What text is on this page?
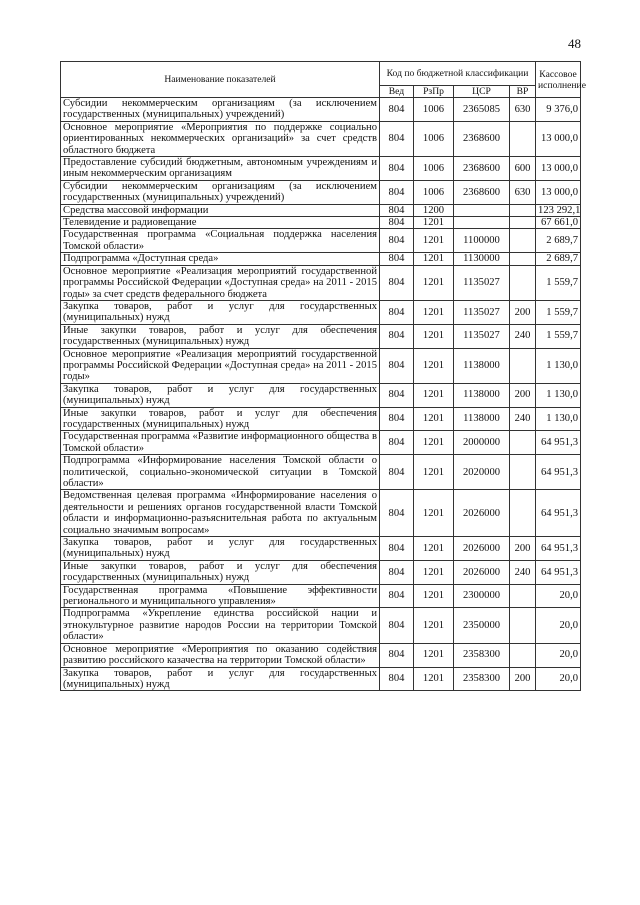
48
Наименование показателей	Код по бюджетной классификации				Кассовое исполнение
	Вед	РзПр	ЦСР	ВР	
Субсидии некоммерческим организациям (за исключением государственных (муниципальных) учреждений)	804	1006	2365085	630	9 376,0
Основное мероприятие «Мероприятия по поддержке социально ориентированных некоммерческих организаций» за счет средств областного бюджета	804	1006	2368600		13 000,0
Предоставление субсидий бюджетным, автономным учреждениям и иным некоммерческим организациям	804	1006	2368600	600	13 000,0
Субсидии некоммерческим организациям (за исключением государственных (муниципальных) учреждений)	804	1006	2368600	630	13 000,0
Средства массовой информации	804	1200			123 292,1
Телевидение и радиовещание	804	1201			67 661,0
Государственная программа «Социальная поддержка населения Томской области»	804	1201	1100000		2 689,7
Подпрограмма «Доступная среда»	804	1201	1130000		2 689,7
Основное мероприятие «Реализация мероприятий государственной программы Российской Федерации «Доступная среда» на 2011 - 2015 годы» за счет средств федерального бюджета	804	1201	1135027		1 559,7
Закупка товаров, работ и услуг для государственных (муниципальных) нужд	804	1201	1135027	200	1 559,7
Иные закупки товаров, работ и услуг для обеспечения государственных (муниципальных) нужд	804	1201	1135027	240	1 559,7
Основное мероприятие «Реализация мероприятий государственной программы Российской Федерации «Доступная среда» на 2011 - 2015 годы»	804	1201	1138000		1 130,0
Закупка товаров, работ и услуг для государственных (муниципальных) нужд	804	1201	1138000	200	1 130,0
Иные закупки товаров, работ и услуг для обеспечения государственных (муниципальных) нужд	804	1201	1138000	240	1 130,0
Государственная программа «Развитие информационного общества в Томской области»	804	1201	2000000		64 951,3
Подпрограмма «Информирование населения Томской области о политической, социально-экономической ситуации в Томской области»	804	1201	2020000		64 951,3
Ведомственная целевая программа «Информирование населения о деятельности и решениях органов государственной власти Томской области и информационно-разъяснительная работа по актуальным социально значимым вопросам»	804	1201	2026000		64 951,3
Закупка товаров, работ и услуг для государственных (муниципальных) нужд	804	1201	2026000	200	64 951,3
Иные закупки товаров, работ и услуг для обеспечения государственных (муниципальных) нужд	804	1201	2026000	240	64 951,3
Государственная программа «Повышение эффективности регионального и муниципального управления»	804	1201	2300000		20,0
Подпрограмма «Укрепление единства российской нации и этнокультурное развитие народов России на территории Томской области»	804	1201	2350000		20,0
Основное мероприятие «Мероприятия по оказанию содействия развитию российского казачества на территории Томской области»	804	1201	2358300		20,0
Закупка товаров, работ и услуг для государственных (муниципальных) нужд	804	1201	2358300	200	20,0
